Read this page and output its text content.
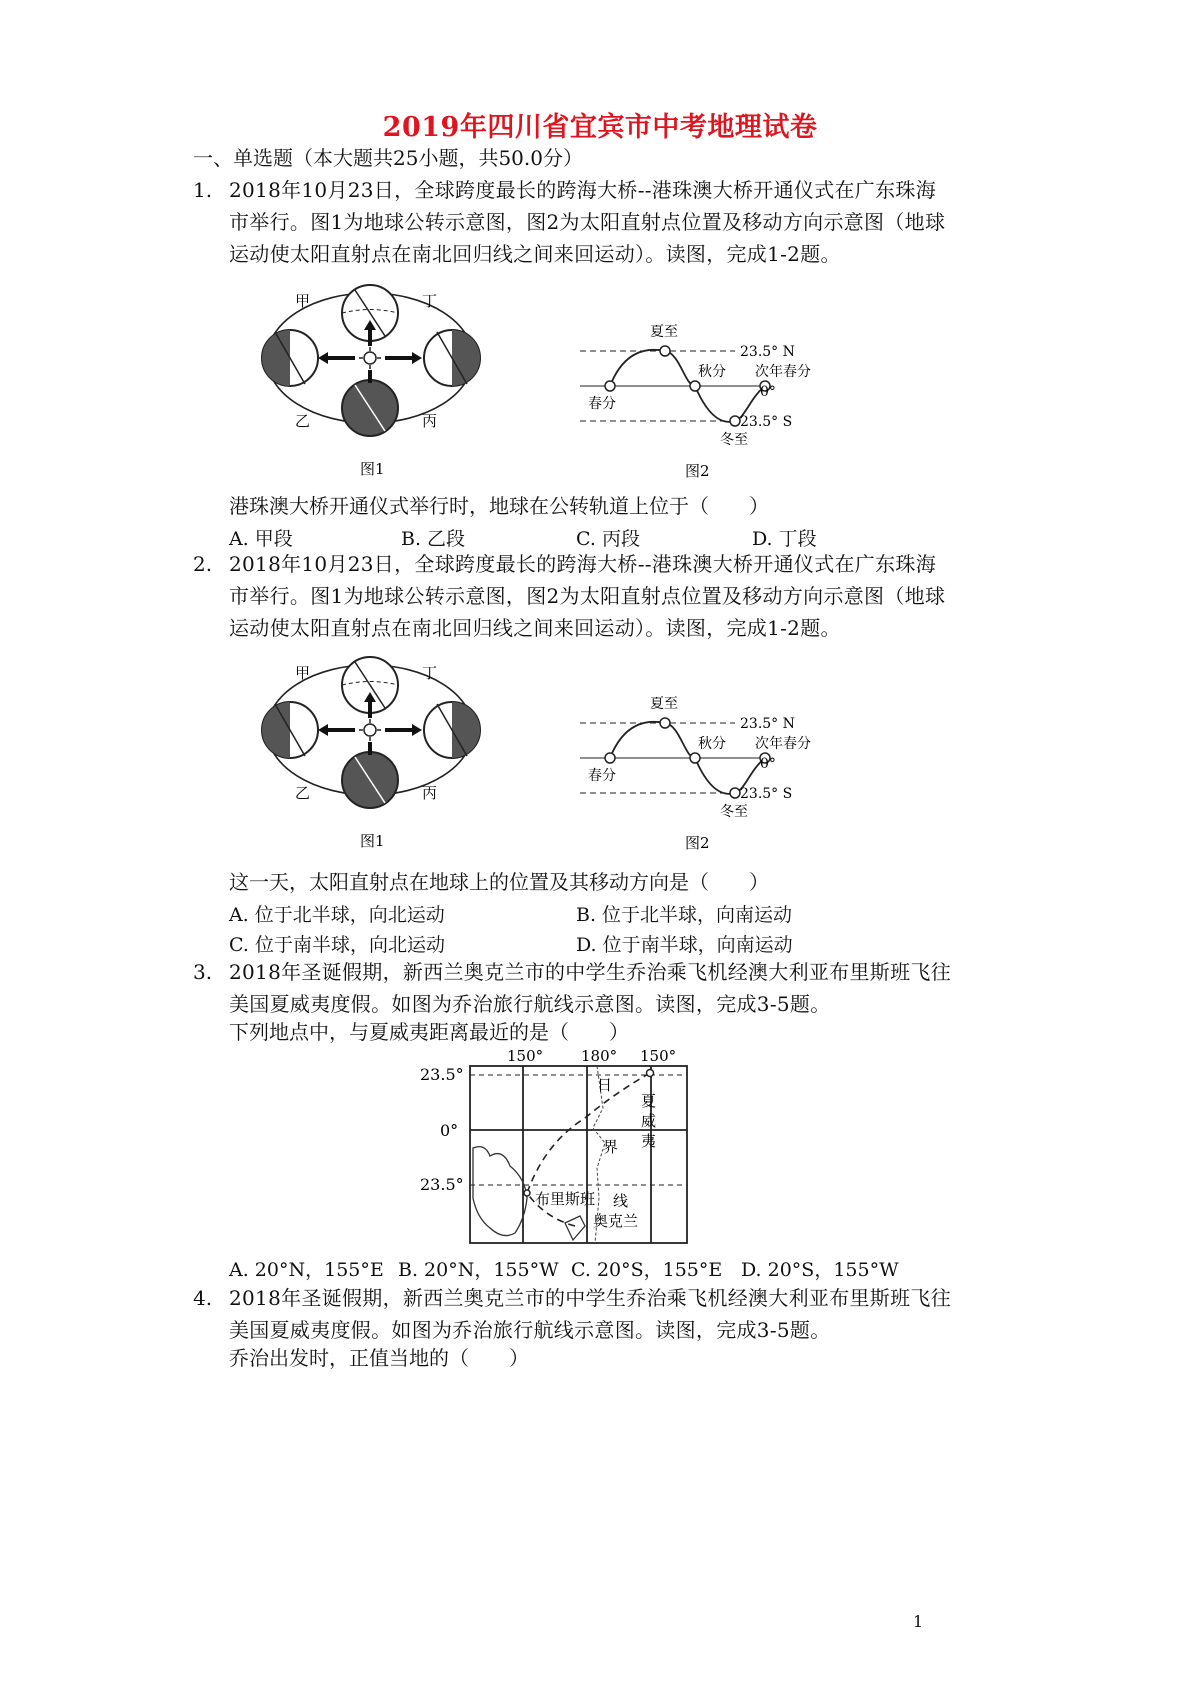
2019年四川省宜宾市中考地理试卷
一、单选题（本大题共25小题，共50.0分）
1. 2018年10月23日，全球跨度最长的跨海大桥--港珠澳大桥开通仪式在广东珠海
市举行。图1为地球公转示意图，图2为太阳直射点位置及移动方向示意图（地球
运动使太阳直射点在南北回归线之间来回运动）。读图，完成1-2题。
甲
乙	丙
丁
图1
夏至
秋分 次年春分
春分
冬至
23.5° N
0°
23.5° S
图2
港珠澳大桥开通仪式举行时，地球在公转轨道上位于（　　）
A. 甲段	B. 乙段	C. 丙段	D. 丁段
2. 2018年10月23日，全球跨度最长的跨海大桥--港珠澳大桥开通仪式在广东珠海
市举行。图1为地球公转示意图，图2为太阳直射点位置及移动方向示意图（地球
运动使太阳直射点在南北回归线之间来回运动）。读图，完成1-2题。
甲
乙	丙
丁
图1
夏至
秋分 次年春分
春分
冬至
23.5° N
0°
23.5° S
图2
这一天，太阳直射点在地球上的位置及其移动方向是（　　）
A. 位于北半球，向北运动	B. 位于北半球，向南运动
C. 位于南半球，向北运动	D. 位于南半球，向南运动
3. 2018年圣诞假期，新西兰奥克兰市的中学生乔治乘飞机经澳大利亚布里斯班飞往
美国夏威夷度假。如图为乔治旅行航线示意图。读图，完成3-5题。
下列地点中，与夏威夷距离最近的是（　　）
23.5°
0°
23.5°
150°	180° 150°
日
界
线
夏
威
夷
布里斯班
奥克兰
A. 20°N，155°E B. 20°N，155°W C. 20°S，155°E D. 20°S，155°W
4. 2018年圣诞假期，新西兰奥克兰市的中学生乔治乘飞机经澳大利亚布里斯班飞往
美国夏威夷度假。如图为乔治旅行航线示意图。读图，完成3-5题。
乔治出发时，正值当地的（　　）
1
